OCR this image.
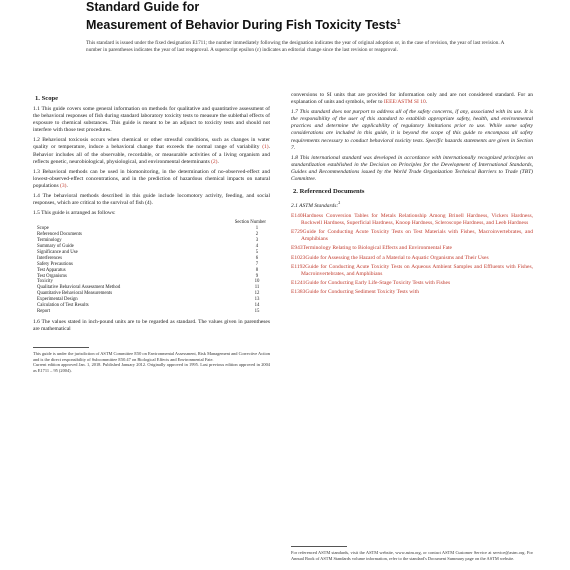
Standard Guide for
Measurement of Behavior During Fish Toxicity Tests$^1$
This standard is issued under the fixed designation E1711; the number immediately following the designation indicates the year of original adoption or, in the case of revision, the year of last revision. A number in parentheses indicates the year of last reapproval. A superscript epsilon (ε) indicates an editorial change since the last revision or reapproval.
1. Scope

1.1 This guide covers some general information on methods for qualitative and quantitative assessment of the behavioral responses of fish during standard laboratory toxicity tests to measure the sublethal effects of exposure to chemical substances. This guide is meant to be an adjunct to toxicity tests and should not interfere with those test procedures.

1.2 Behavioral toxicosis occurs when chemical or other stressful conditions, such as changes in water quality or temperature, induce a behavioral change that exceeds the normal range of variability (1). Behavior includes all of the observable, recordable, or measurable activities of a living organism and reflects genetic, neurobiological, physiological, and environmental determinants (2).

1.3 Behavioral methods can be used in biomonitoring, in the determination of no-observed-effect and lowest-observed-effect concentrations, and in the prediction of hazardous chemical impacts on natural populations (3).

1.4 The behavioral methods described in this guide include locomotory activity, feeding, and social responses, which are critical to the survival of fish (4).

1.5 This guide is arranged as follows:

Section Number
Scope	1
Referenced Documents	2
Terminology	3
Summary of Guide	4
Significance and Use	5
Interferences	6
Safety Precautions	7
Test Apparatus	8
Test Organisms	9
Toxicity	10
Qualitative Behavioral Assessment Method	11
Quantitative Behavioral Measurements	12
Experimental Design	13
Calculation of Test Results	14
Report	15

1.6 The values stated in inch-pound units are to be regarded as standard. The values given in parentheses are mathematical

This guide is under the jurisdiction of ASTM Committee E50 on Environmental Assessment, Risk Management and Corrective Action and is the direct responsibility of Subcommittee E50.47 on Biological Effects and Environmental Fate.
Current edition approved Jan. 1, 2018. Published January 2012. Originally approved in 1995. Last previous edition approved in 2004 as E1711 – 95 (2004).

conversions to SI units that are provided for information only and are not considered standard. For an explanation of units and symbols, refer to IEEE/ASTM SI 10.

1.7 This standard does not purport to address all of the safety concerns, if any, associated with its use. It is the responsibility of the user of this standard to establish appropriate safety, health, and environmental practices and determine the applicability of regulatory limitations prior to use. While some safety considerations are included in this guide, it is beyond the scope of this guide to encompass all safety requirements necessary to conduct behavioral toxicity tests. Specific hazards statements are given in Section 7.

1.8 This international standard was developed in accordance with internationally recognized principles on standardization established in the Decision on Principles for the Development of International Standards, Guides and Recommendations issued by the World Trade Organization Technical Barriers to Trade (TBT) Committee.

2. Referenced Documents
2.1 ASTM Standards:$^2$
E140Hardness Conversion Tables for Metals Relationship Among Brinell Hardness, Vickers Hardness, Rockwell Hardness, Superficial Hardness, Knoop Hardness, Scleroscope Hardness, and Leeb Hardness
E729Guide for Conducting Acute Toxicity Tests on Test Materials with Fishes, Macroinvertebrates, and Amphibians
E943Terminology Relating to Biological Effects and Environmental Fate
E1023Guide for Assessing the Hazard of a Material to Aquatic Organisms and Their Uses
E1192Guide for Conducting Acute Toxicity Tests on Aqueous Ambient Samples and Effluents with Fishes, Macroinvertebrates, and Amphibians
E1241Guide for Conducting Early Life-Stage Toxicity Tests with Fishes
E1383Guide for Conducting Sediment Toxicity Tests with
For referenced ASTM standards, visit the ASTM website, www.astm.org, or contact ASTM Customer Service at service@astm.org. For Annual Book of ASTM Standards volume information, refer to the standard's Document Summary page on the ASTM website.
